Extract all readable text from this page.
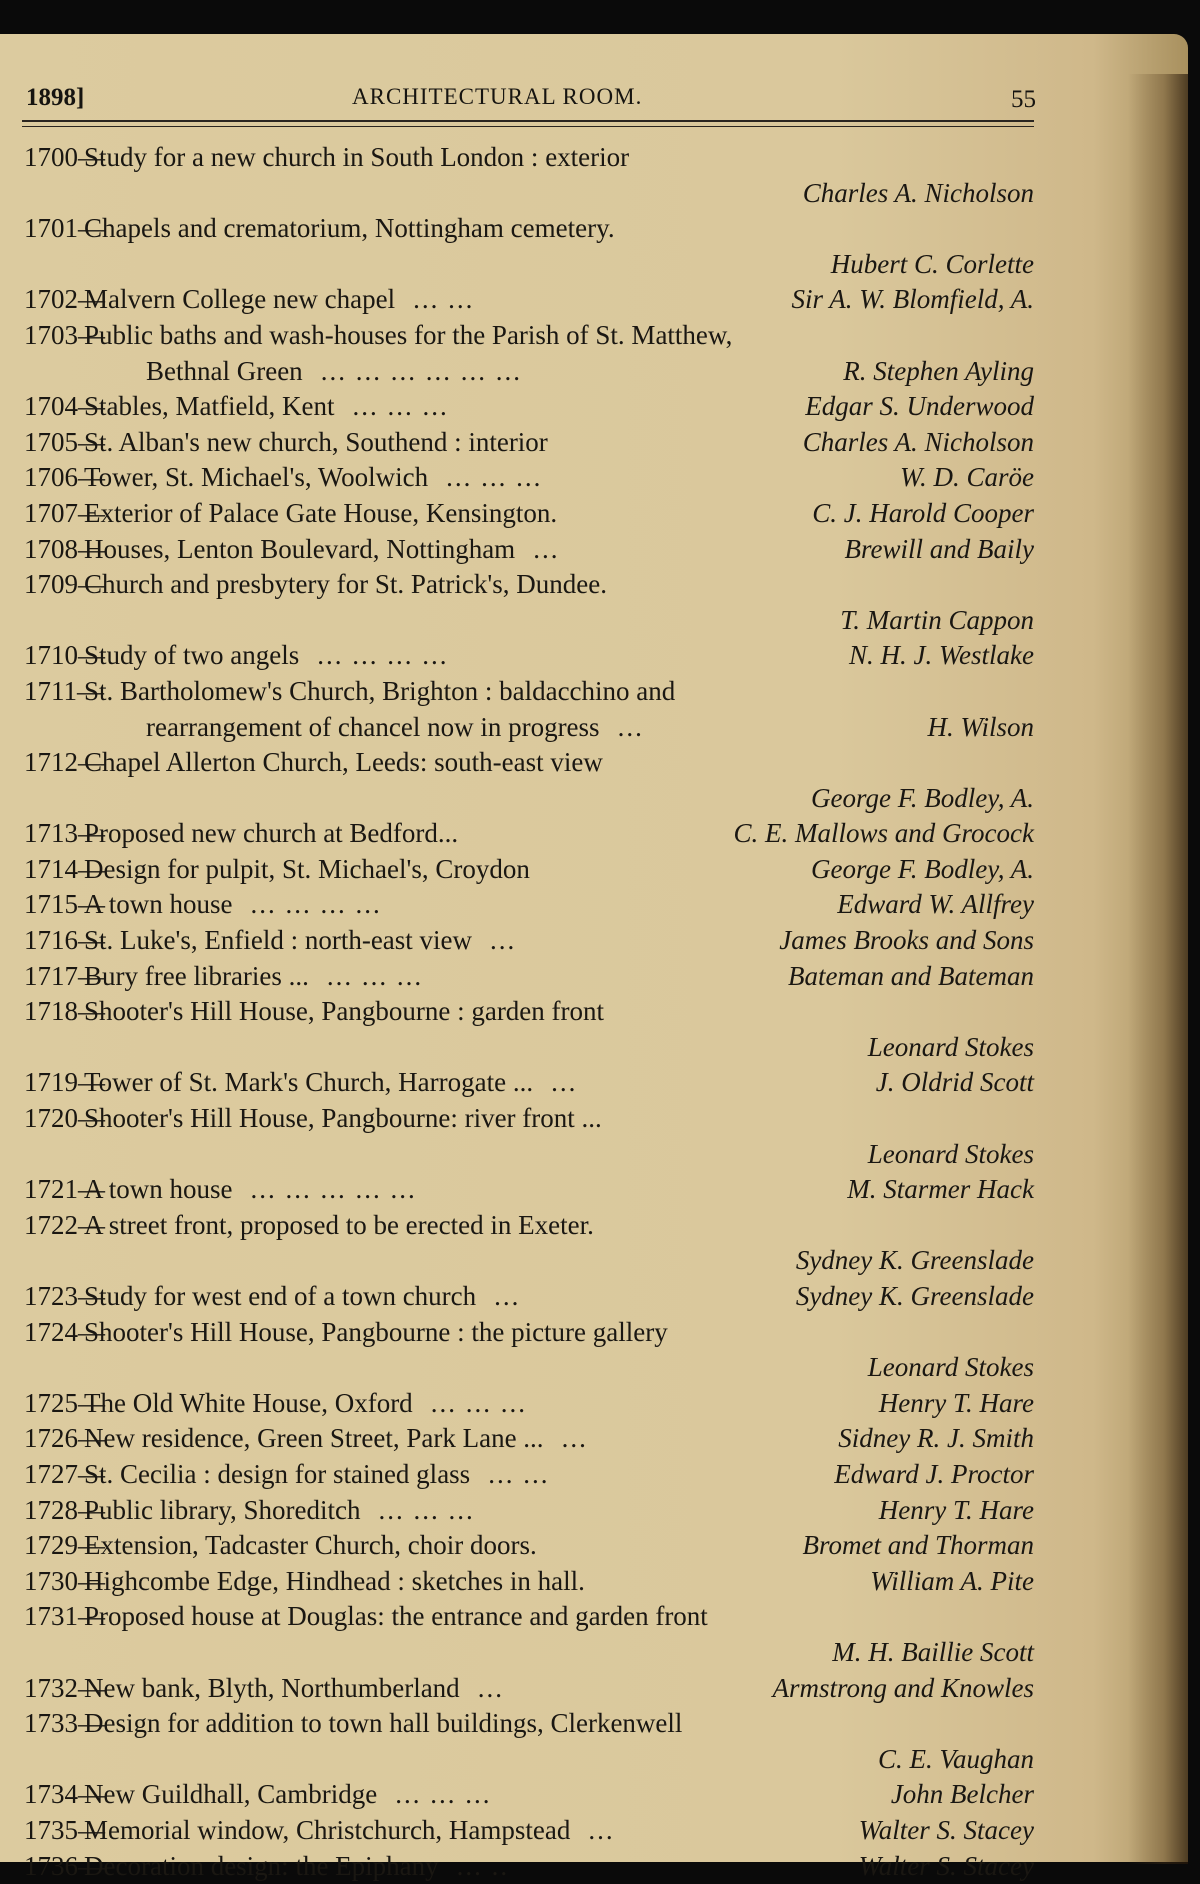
1898]	ARCHITECTURAL ROOM.	55
1700—Study for a new church in South London : exterior
Charles A. Nicholson
1701—Chapels and crematorium, Nottingham cemetery.
Hubert C. Corlette
1702—Malvern College new chapel ... ...	Sir A. W. Blomfield, A.
1703—Public baths and wash-houses for the Parish of St. Matthew,
Bethnal Green ... ... ... ... ... ...	R. Stephen Ayling
1704—Stables, Matfield, Kent ... ... ...	Edgar S. Underwood
1705—St. Alban's new church, Southend : interior	Charles A. Nicholson
1706—Tower, St. Michael's, Woolwich ... ... ...	W. D. Caröe
1707—Exterior of Palace Gate House, Kensington.	C. J. Harold Cooper
1708—Houses, Lenton Boulevard, Nottingham ...	Brewill and Baily
1709—Church and presbytery for St. Patrick's, Dundee.
T. Martin Cappon
1710—Study of two angels ... ... ... ...	N. H. J. Westlake
1711—St. Bartholomew's Church, Brighton : baldacchino and
rearrangement of chancel now in progress ...	H. Wilson
1712—Chapel Allerton Church, Leeds: south-east view
George F. Bodley, A.
1713—Proposed new church at Bedford...	C. E. Mallows and Grocock
1714—Design for pulpit, St. Michael's, Croydon	George F. Bodley, A.
1715—A town house ... ... ... ...	Edward W. Allfrey
1716—St. Luke's, Enfield : north-east view ...	James Brooks and Sons
1717—Bury free libraries ... ... ... ...	Bateman and Bateman
1718—Shooter's Hill House, Pangbourne : garden front
Leonard Stokes
1719—Tower of St. Mark's Church, Harrogate ... ...	J. Oldrid Scott
1720—Shooter's Hill House, Pangbourne: river front ...
Leonard Stokes
1721—A town house ... ... ... ... ...	M. Starmer Hack
1722—A street front, proposed to be erected in Exeter.
Sydney K. Greenslade
1723—Study for west end of a town church ...	Sydney K. Greenslade
1724—Shooter's Hill House, Pangbourne : the picture gallery
Leonard Stokes
1725—The Old White House, Oxford ... ... ...	Henry T. Hare
1726—New residence, Green Street, Park Lane ... ...	Sidney R. J. Smith
1727—St. Cecilia : design for stained glass ... ...	Edward J. Proctor
1728—Public library, Shoreditch ... ... ...	Henry T. Hare
1729—Extension, Tadcaster Church, choir doors.	Bromet and Thorman
1730—Highcombe Edge, Hindhead : sketches in hall.	William A. Pite
1731—Proposed house at Douglas: the entrance and garden front
M. H. Baillie Scott
1732—New bank, Blyth, Northumberland ...	Armstrong and Knowles
1733—Design for addition to town hall buildings, Clerkenwell
C. E. Vaughan
1734—New Guildhall, Cambridge ... ... ...	John Belcher
1735—Memorial window, Christchurch, Hampstead ...	Walter S. Stacey
1736—Decoration design: the Epiphany ... ..	Walter S. Stacey
